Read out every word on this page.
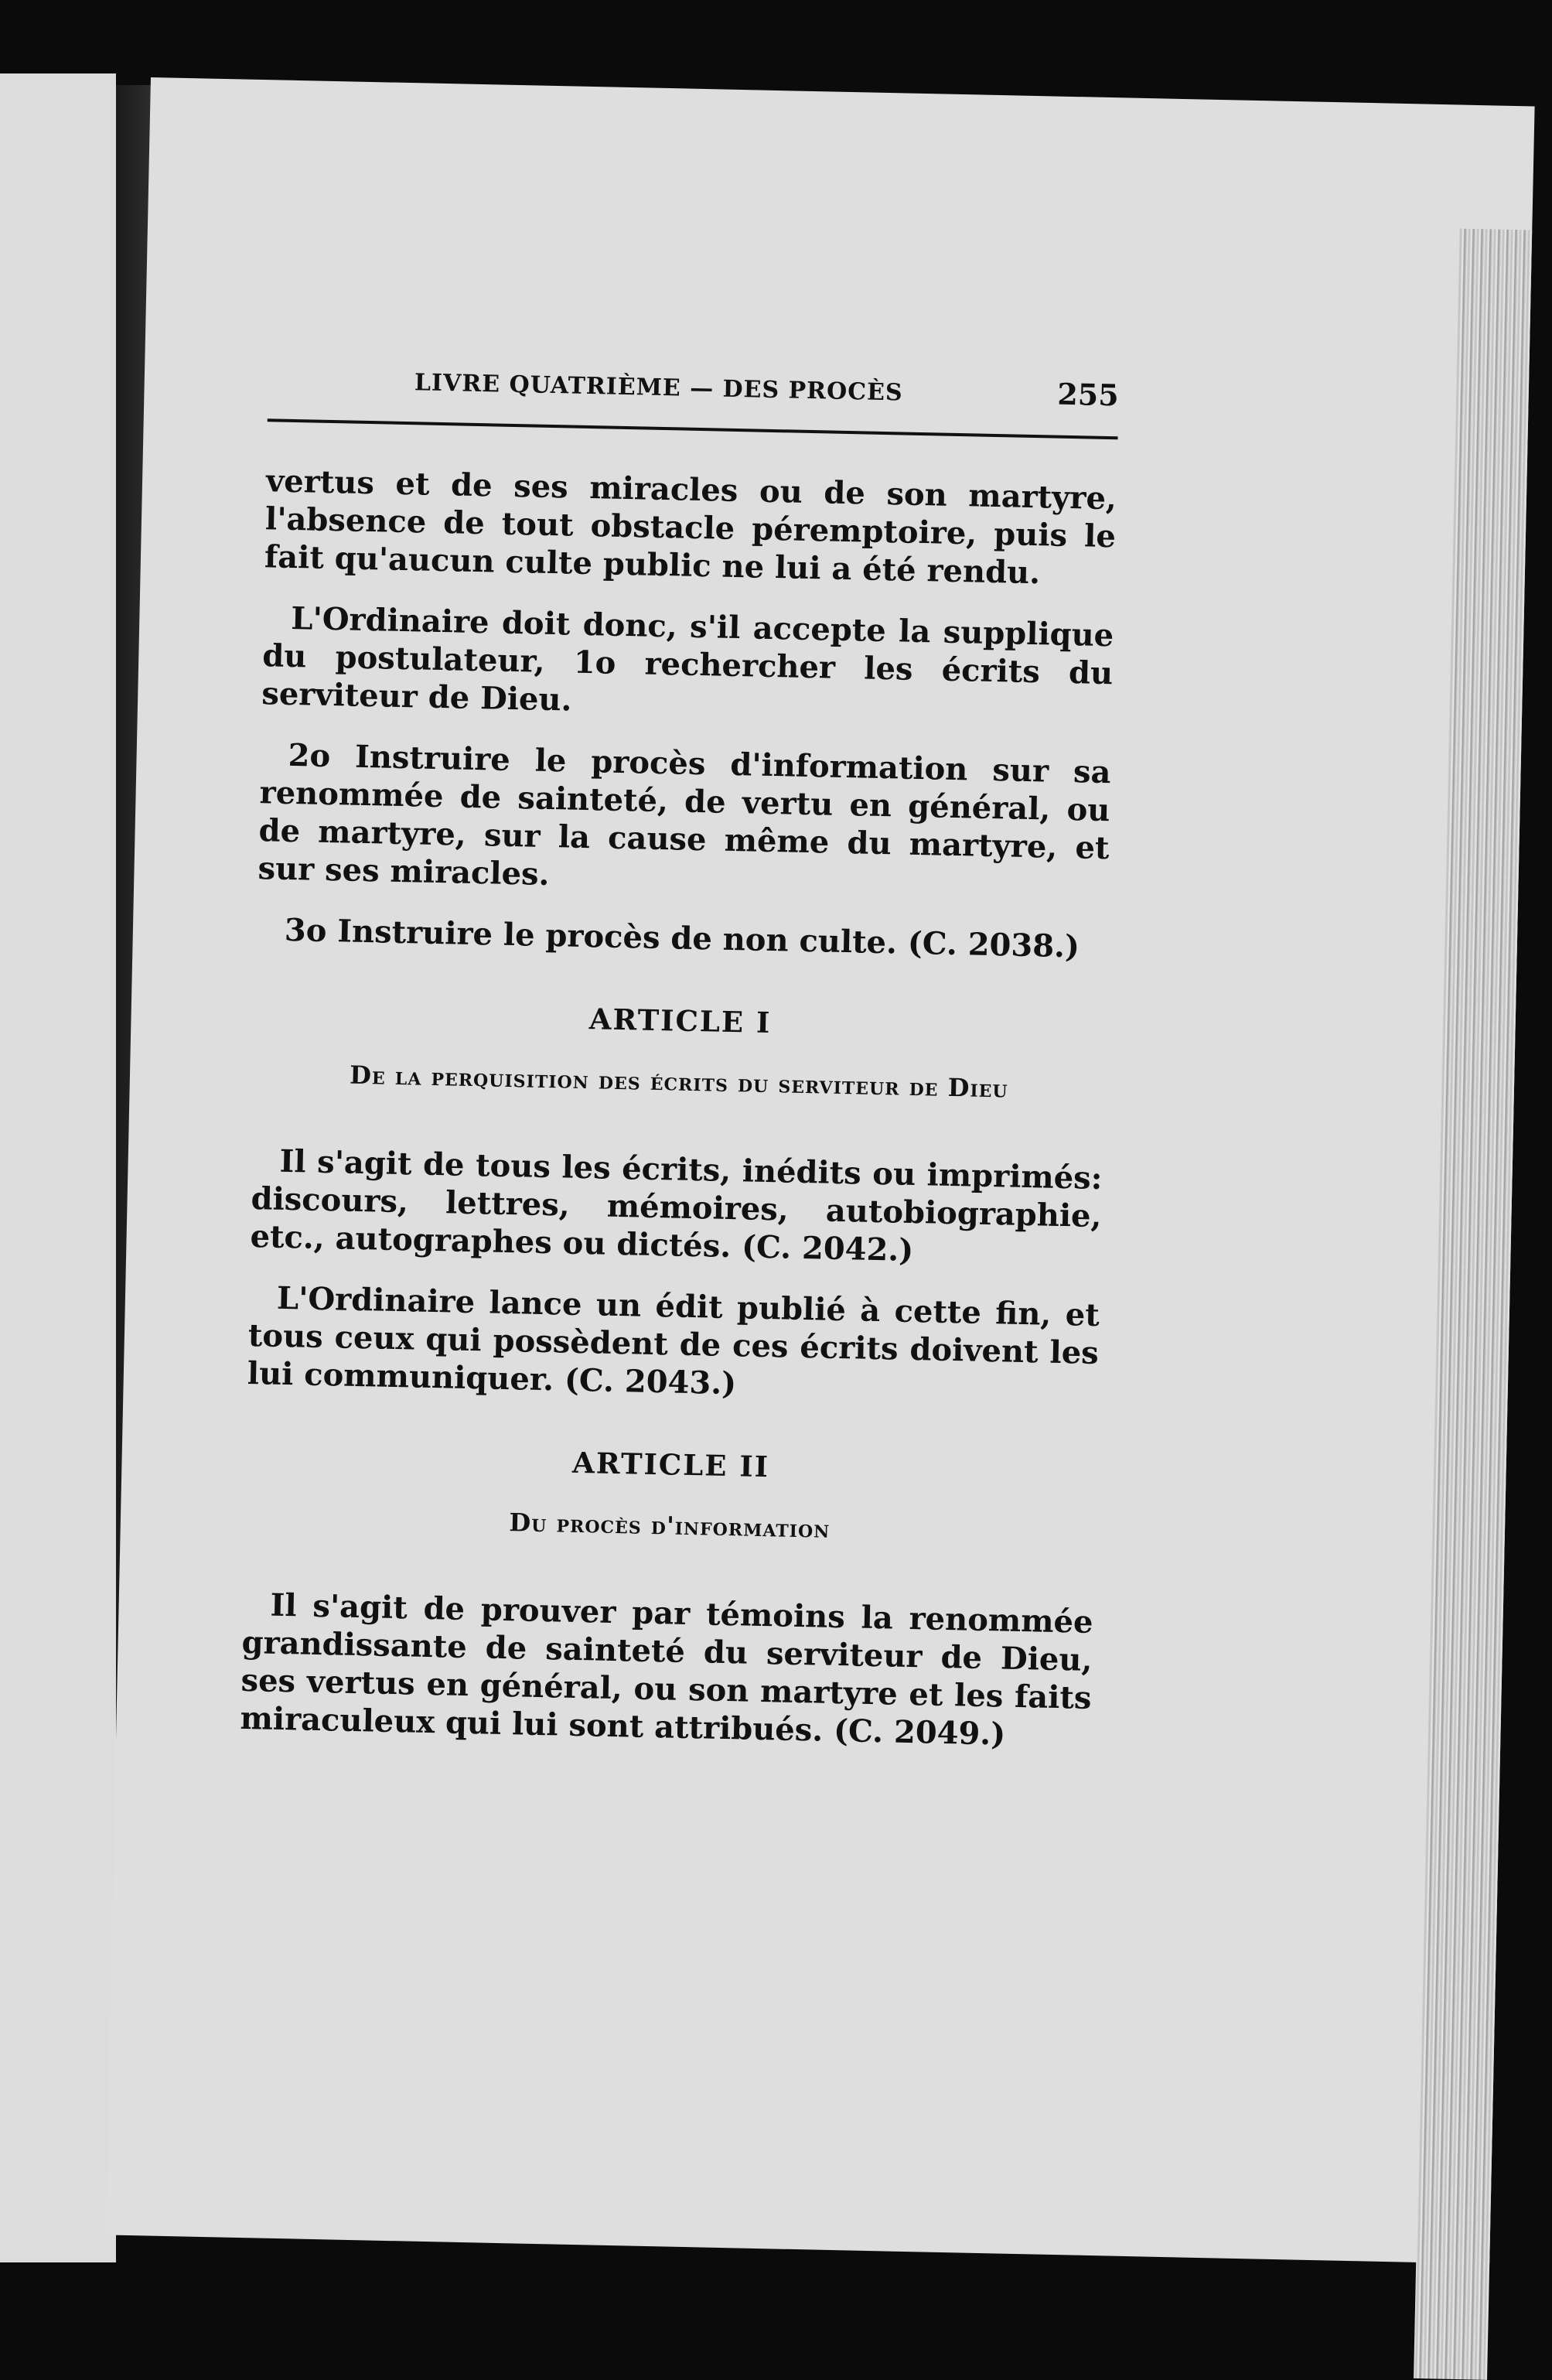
LIVRE QUATRIÈME — DES PROCÈS	255

vertus et de ses miracles ou de son martyre, l'absence de tout obstacle péremptoire, puis le fait qu'aucun culte public ne lui a été rendu.

L'Ordinaire doit donc, s'il accepte la supplique du postulateur, 1o rechercher les écrits du serviteur de Dieu.

2o Instruire le procès d'information sur sa renommée de sainteté, de vertu en général, ou de martyre, sur la cause même du martyre, et sur ses miracles.

3o Instruire le procès de non culte. (C. 2038.)

ARTICLE I
De la perquisition des écrits du serviteur de Dieu

Il s'agit de tous les écrits, inédits ou imprimés: discours, lettres, mémoires, autobiographie, etc., autographes ou dictés. (C. 2042.)

L'Ordinaire lance un édit publié à cette fin, et tous ceux qui possèdent de ces écrits doivent les lui communiquer. (C. 2043.)

ARTICLE II
Du procès d'information

Il s'agit de prouver par témoins la renommée grandissante de sainteté du serviteur de Dieu, ses vertus en général, ou son martyre et les faits miraculeux qui lui sont attribués. (C. 2049.)
